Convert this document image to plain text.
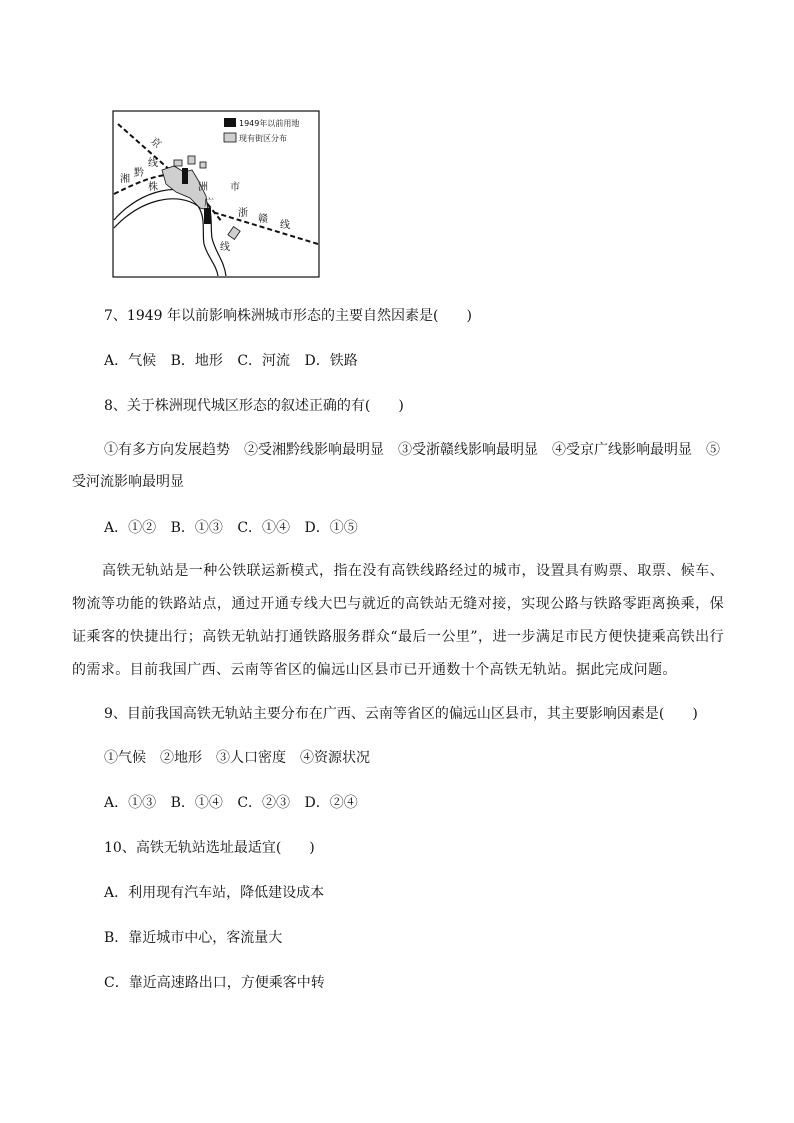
1949年以前用地
现有街区分布
京
线
湘
黔
株	洲 市
广
浙
赣
线
线
7、1949 年以前影响株洲城市形态的主要自然因素是(　　)
A．气候 B．地形 C．河流 D．铁路
8、关于株洲现代城区形态的叙述正确的有(　　)
①有多方向发展趋势　②受湘黔线影响最明显　③受浙赣线影响最明显　④受京广线影响最明显　⑤
受河流影响最明显
A．①② B．①③ C．①④ D．①⑤
高铁无轨站是一种公铁联运新模式，指在没有高铁线路经过的城市，设置具有购票、取票、候车、物流等功能的铁路站点，通过开通专线大巴与就近的高铁站无缝对接，实现公路与铁路零距离换乘，保证乘客的快捷出行；高铁无轨站打通铁路服务群众“最后一公里”，进一步满足市民方便快捷乘高铁出行的需求。目前我国广西、云南等省区的偏远山区县市已开通数十个高铁无轨站。据此完成问题。
9、目前我国高铁无轨站主要分布在广西、云南等省区的偏远山区县市，其主要影响因素是(　　)
①气候　②地形　③人口密度　④资源状况
A．①③ B．①④ C．②③ D．②④
10、高铁无轨站选址最适宜(　　)
A．利用现有汽车站，降低建设成本
B．靠近城市中心，客流量大
C．靠近高速路出口，方便乘客中转
